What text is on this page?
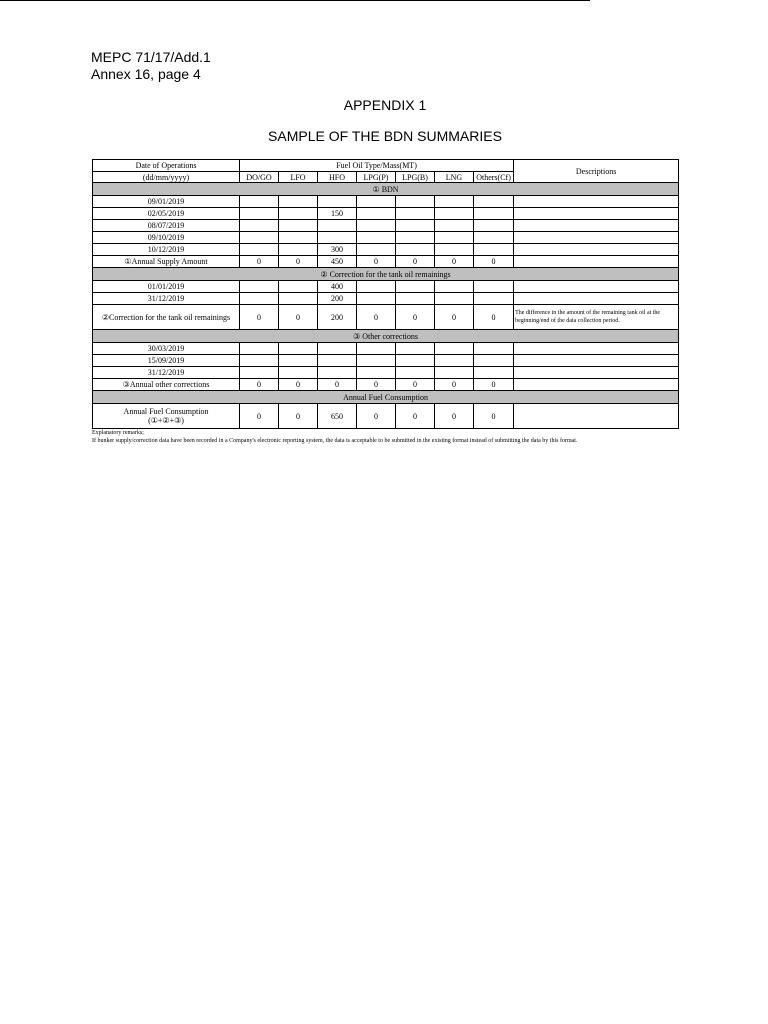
MEPC 71/17/Add.1
Annex 16, page 4
APPENDIX 1
SAMPLE OF THE BDN SUMMARIES
Date of Operations	Fuel Oil Type/Mass(MT)							Descriptions
(dd/mm/yyyy)	DO/GO	LFO	HFO	LPG(P)	LPG(B)	LNG	Others(Cf)	
① BDN								
09/01/2019								
02/05/2019			150					
08/07/2019								
09/10/2019								
10/12/2019			300					
①Annual Supply Amount	0	0	450	0	0	0	0	
② Correction for the tank oil remainings								
01/01/2019			400					
31/12/2019			200					
②Correction for the tank oil remainings	0	0	200	0	0	0	0	The difference in the amount of the remaining tank oil at the beginning/end of the data collection period.
③ Other corrections								
30/03/2019								
15/09/2019								
31/12/2019								
③Annual other corrections	0	0	0	0	0	0	0	
Annual Fuel Consumption								

Annual Fuel Consumption
(①+②+③)	0	0	650	0	0	0	0	
Explanatory remarks;
If bunker supply/correction data have been recorded in a Company's electronic reporting system, the data is acceptable to be submitted in the existing format instead of submitting the data by this format.
